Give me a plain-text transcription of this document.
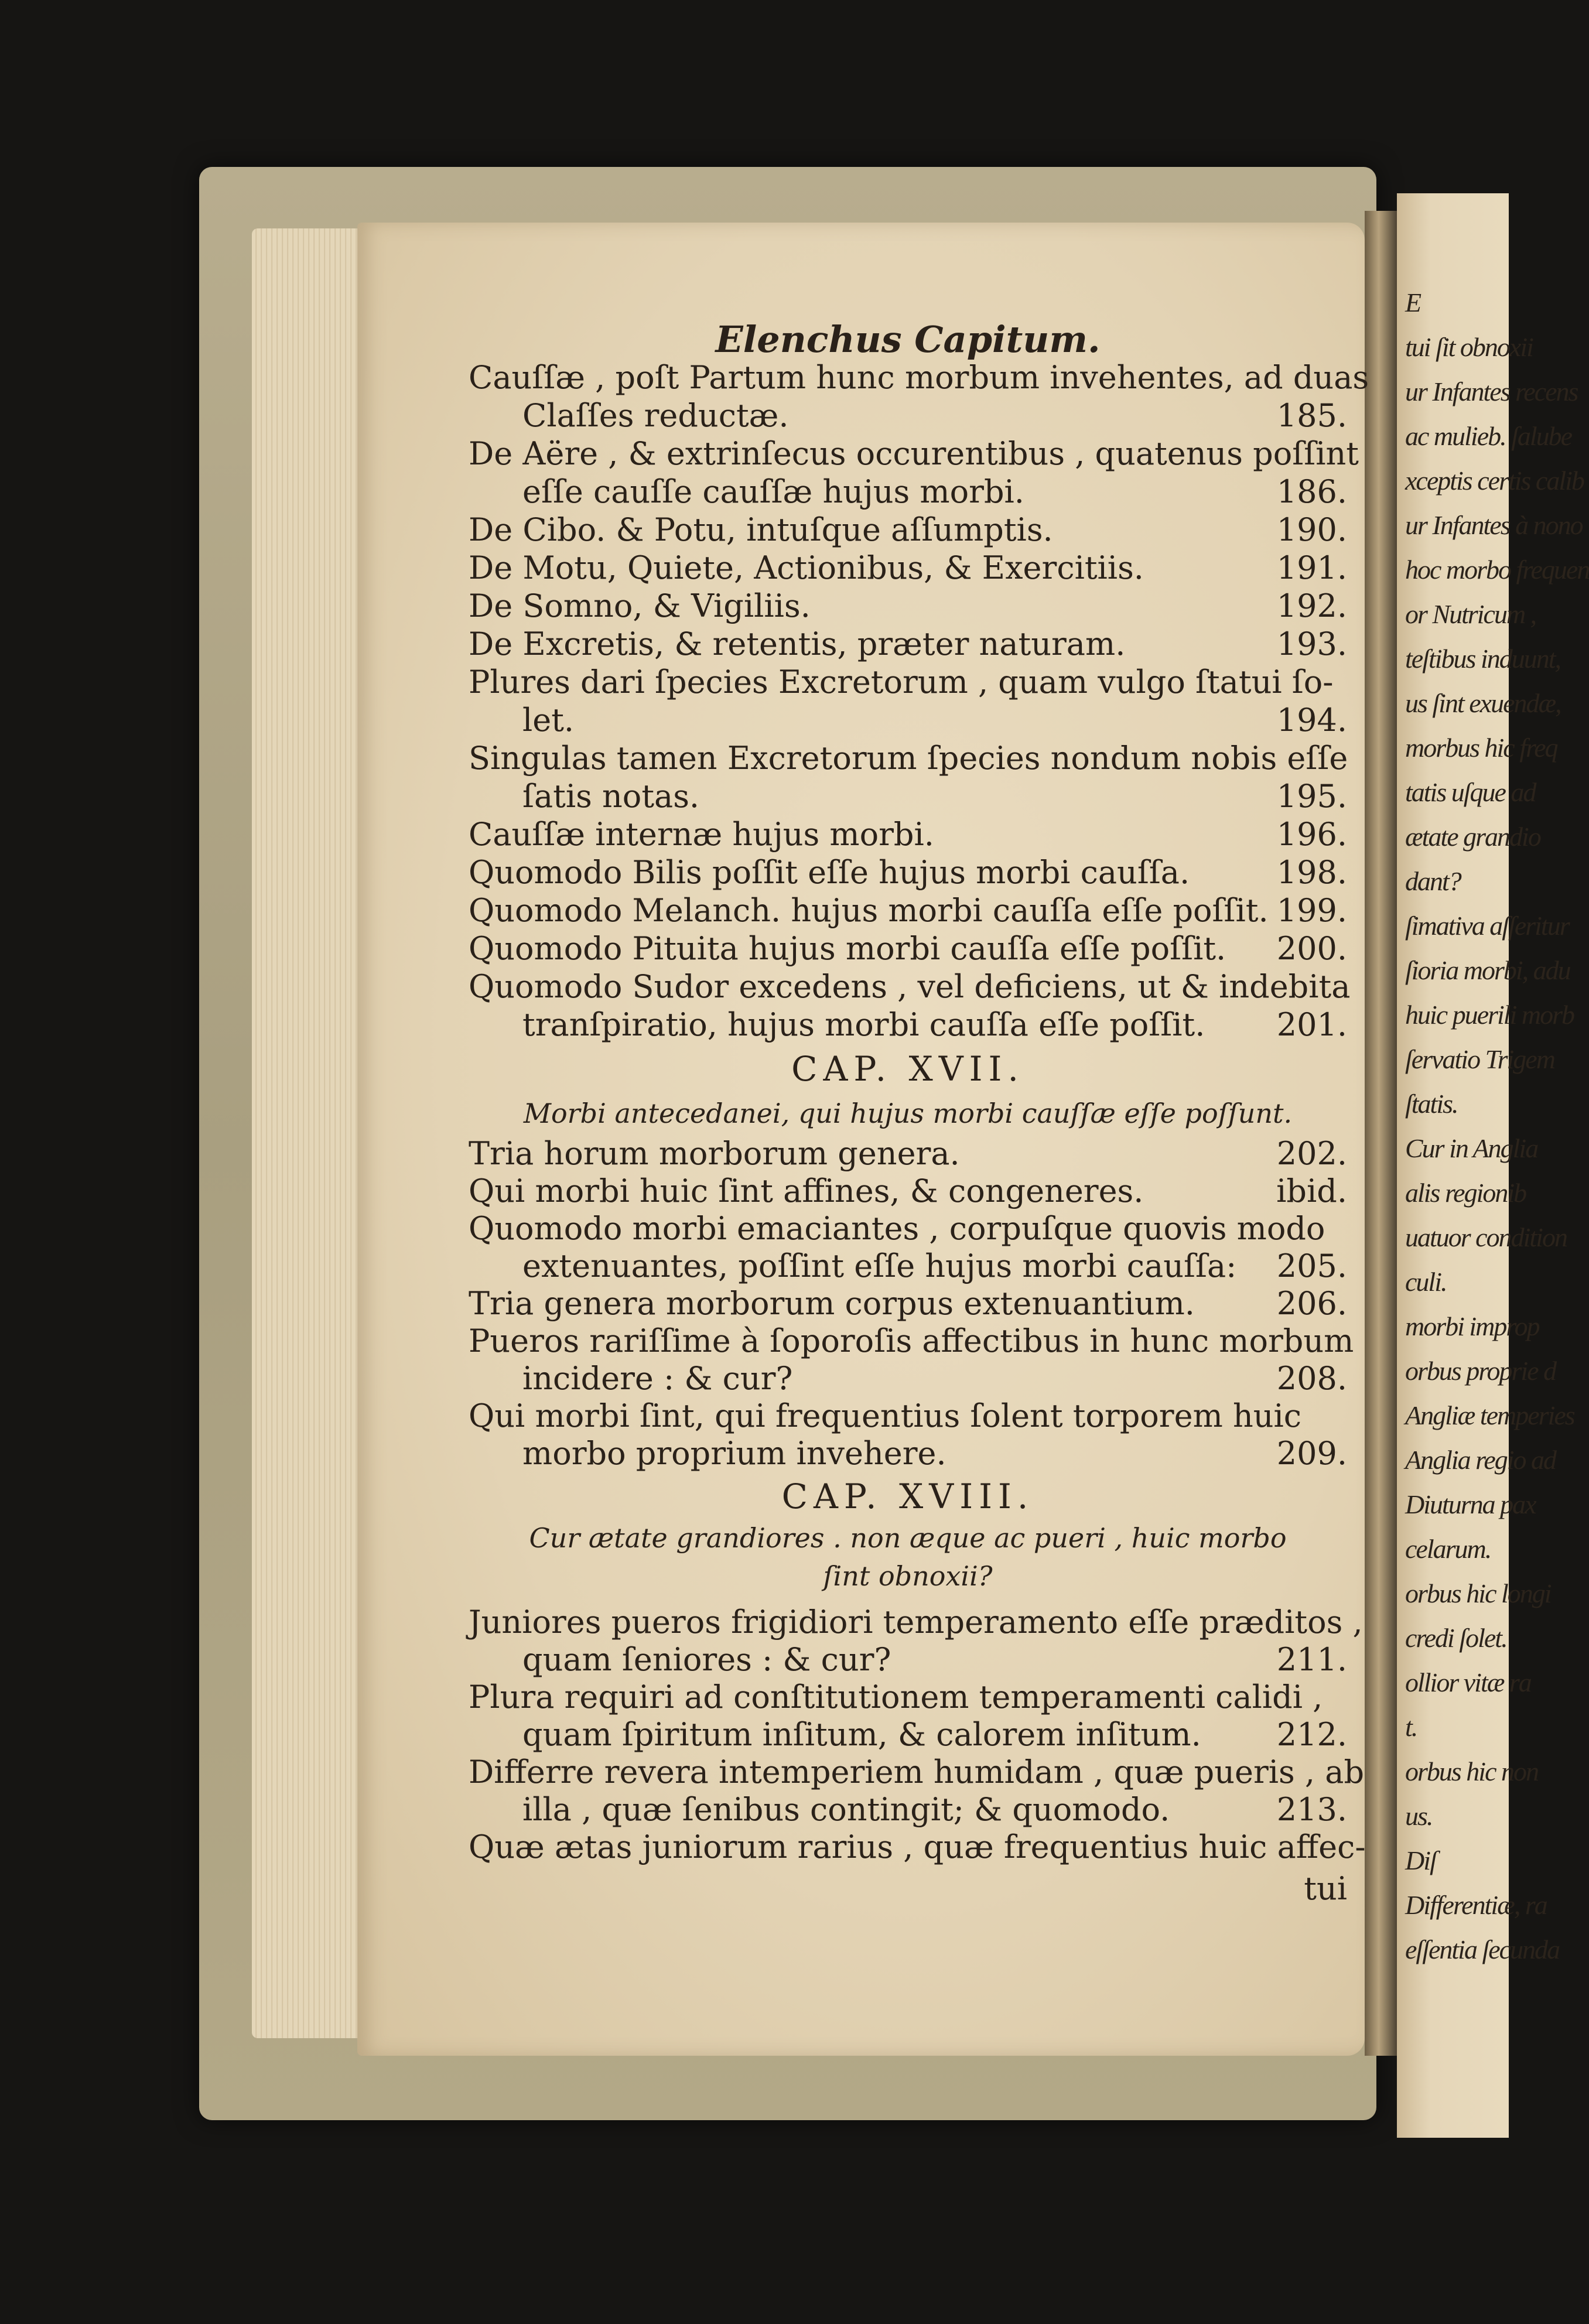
E
tui ſit obnoxii
ur Infantes recens
ac mulieb. ſalube
xceptis certis calib
ur Infantes à nono
hoc morbo frequen
or Nutricum ,
teſtibus induunt,
us ſint exuendæ,
morbus hic freq
tatis uſque ad
ætate grandio
dant?
ſimativa aſſeritur
ſioria morbi, adu
huic puerili morb
ſervatio Trigem
ſtatis.
Cur in Anglia
alis regionib
uatuor condition
culi.
morbi improp
orbus proprie d
Angliæ temperies
Anglia regio ad
Diuturna pax
celarum.
orbus hic longi
credi ſolet.
ollior vitæ ra
t.
orbus hic non
us.
Diſ
Differentiæ, ra
eſſentia ſecunda
Elenchus Capitum.
Cauſſæ , poſt Partum hunc morbum invehentes, ad duas
Claſſes reductæ.	185.
De Aëre , & extrinſecus occurentibus , quatenus poſſint
eſſe cauſſe cauſſæ hujus morbi.	186.
De Cibo. & Potu, intuſque aſſumptis.	190.
De Motu, Quiete, Actionibus, & Exercitiis.	191.
De Somno, & Vigiliis.	192.
De Excretis, & retentis, præter naturam.	193.
Plures dari ſpecies Excretorum , quam vulgo ſtatui ſo-
let.	194.
Singulas tamen Excretorum ſpecies nondum nobis eſſe
ſatis notas.	195.
Cauſſæ internæ hujus morbi.	196.
Quomodo Bilis poſſit eſſe hujus morbi cauſſa.	198.
Quomodo Melanch. hujus morbi cauſſa eſſe poſſit. 199.
Quomodo Pituita hujus morbi cauſſa eſſe poſſit. 200.
Quomodo Sudor excedens , vel deficiens, ut & indebita
tranſpiratio, hujus morbi cauſſa eſſe poſſit. 201.
CAP. XVII.
Morbi antecedanei, qui hujus morbi cauſſæ eſſe poſſunt.
Tria horum morborum genera.	202.
Qui morbi huic ſint affines, & congeneres.	ibid.
Quomodo morbi emaciantes , corpuſque quovis modo
extenuantes, poſſint eſſe hujus morbi cauſſa: 205.
Tria genera morborum corpus extenuantium.	206.
Pueros rariſſime à ſoporoſis affectibus in hunc morbum
incidere : & cur?	208.
Qui morbi ſint, qui frequentius ſolent torporem huic
morbo proprium invehere.	209.
CAP. XVIII.
Cur ætate grandiores . non æque ac pueri , huic morbo
ſint obnoxii?
Juniores pueros frigidiori temperamento eſſe præditos ,
quam ſeniores : & cur?	211.
Plura requiri ad conſtitutionem temperamenti calidi ,
quam ſpiritum inſitum, & calorem inſitum. 212.
Differre revera intemperiem humidam , quæ pueris , ab
illa , quæ ſenibus contingit; & quomodo.	213.
Quæ ætas juniorum rarius , quæ frequentius huic affec-
tui
